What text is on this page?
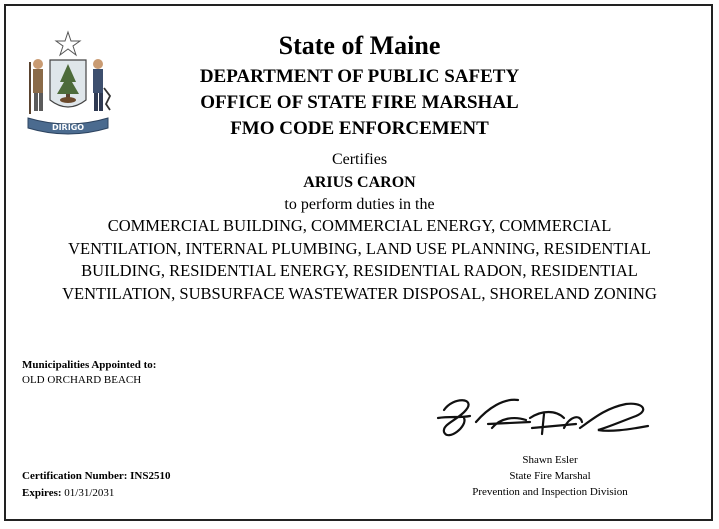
DIRIGO
State of Maine
DEPARTMENT OF PUBLIC SAFETY
OFFICE OF STATE FIRE MARSHAL
FMO CODE ENFORCEMENT
Certifies
ARIUS CARON
to perform duties in the
COMMERCIAL BUILDING, COMMERCIAL ENERGY, COMMERCIAL VENTILATION, INTERNAL PLUMBING, LAND USE PLANNING, RESIDENTIAL BUILDING, RESIDENTIAL ENERGY, RESIDENTIAL RADON, RESIDENTIAL VENTILATION, SUBSURFACE WASTEWATER DISPOSAL, SHORELAND ZONING
Municipalities Appointed to:
OLD ORCHARD BEACH
Shawn Esler
State Fire Marshal
Prevention and Inspection Division
Certification Number: INS2510
Expires: 01/31/2031
